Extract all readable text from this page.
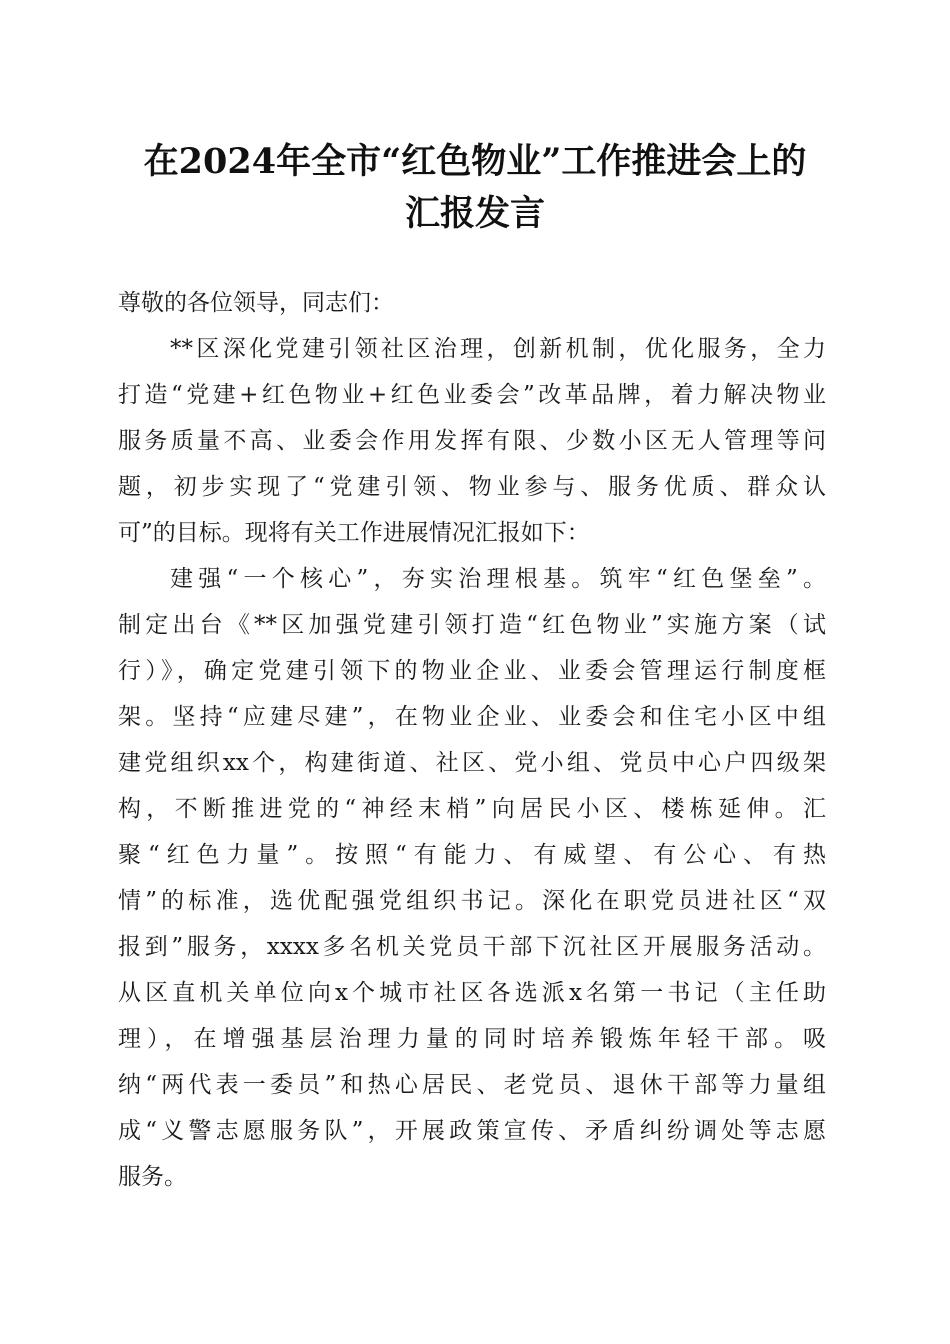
在2024年全市“红色物业”工作推进会上的
汇报发言
尊敬的各位领导，同志们：
**区深化党建引领社区治理，创新机制，优化服务，全力
打造“党建+红色物业+红色业委会”改革品牌，着力解决物业
服务质量不高、业委会作用发挥有限、少数小区无人管理等问
题，初步实现了“党建引领、物业参与、服务优质、群众认
可”的目标。现将有关工作进展情况汇报如下：
建强“一个核心”，夯实治理根基。筑牢“红色堡垒”。
制定出台《**区加强党建引领打造“红色物业”实施方案（试
行）》，确定党建引领下的物业企业、业委会管理运行制度框
架。坚持“应建尽建”，在物业企业、业委会和住宅小区中组
建党组织xx个，构建街道、社区、党小组、党员中心户四级架
构，不断推进党的“神经末梢”向居民小区、楼栋延伸。汇
聚“红色力量”。按照“有能力、有威望、有公心、有热
情”的标准，选优配强党组织书记。深化在职党员进社区“双
报到”服务，xxxx多名机关党员干部下沉社区开展服务活动。
从区直机关单位向x个城市社区各选派x名第一书记（主任助
理），在增强基层治理力量的同时培养锻炼年轻干部。吸
纳“两代表一委员”和热心居民、老党员、退休干部等力量组
成“义警志愿服务队”，开展政策宣传、矛盾纠纷调处等志愿
服务。
